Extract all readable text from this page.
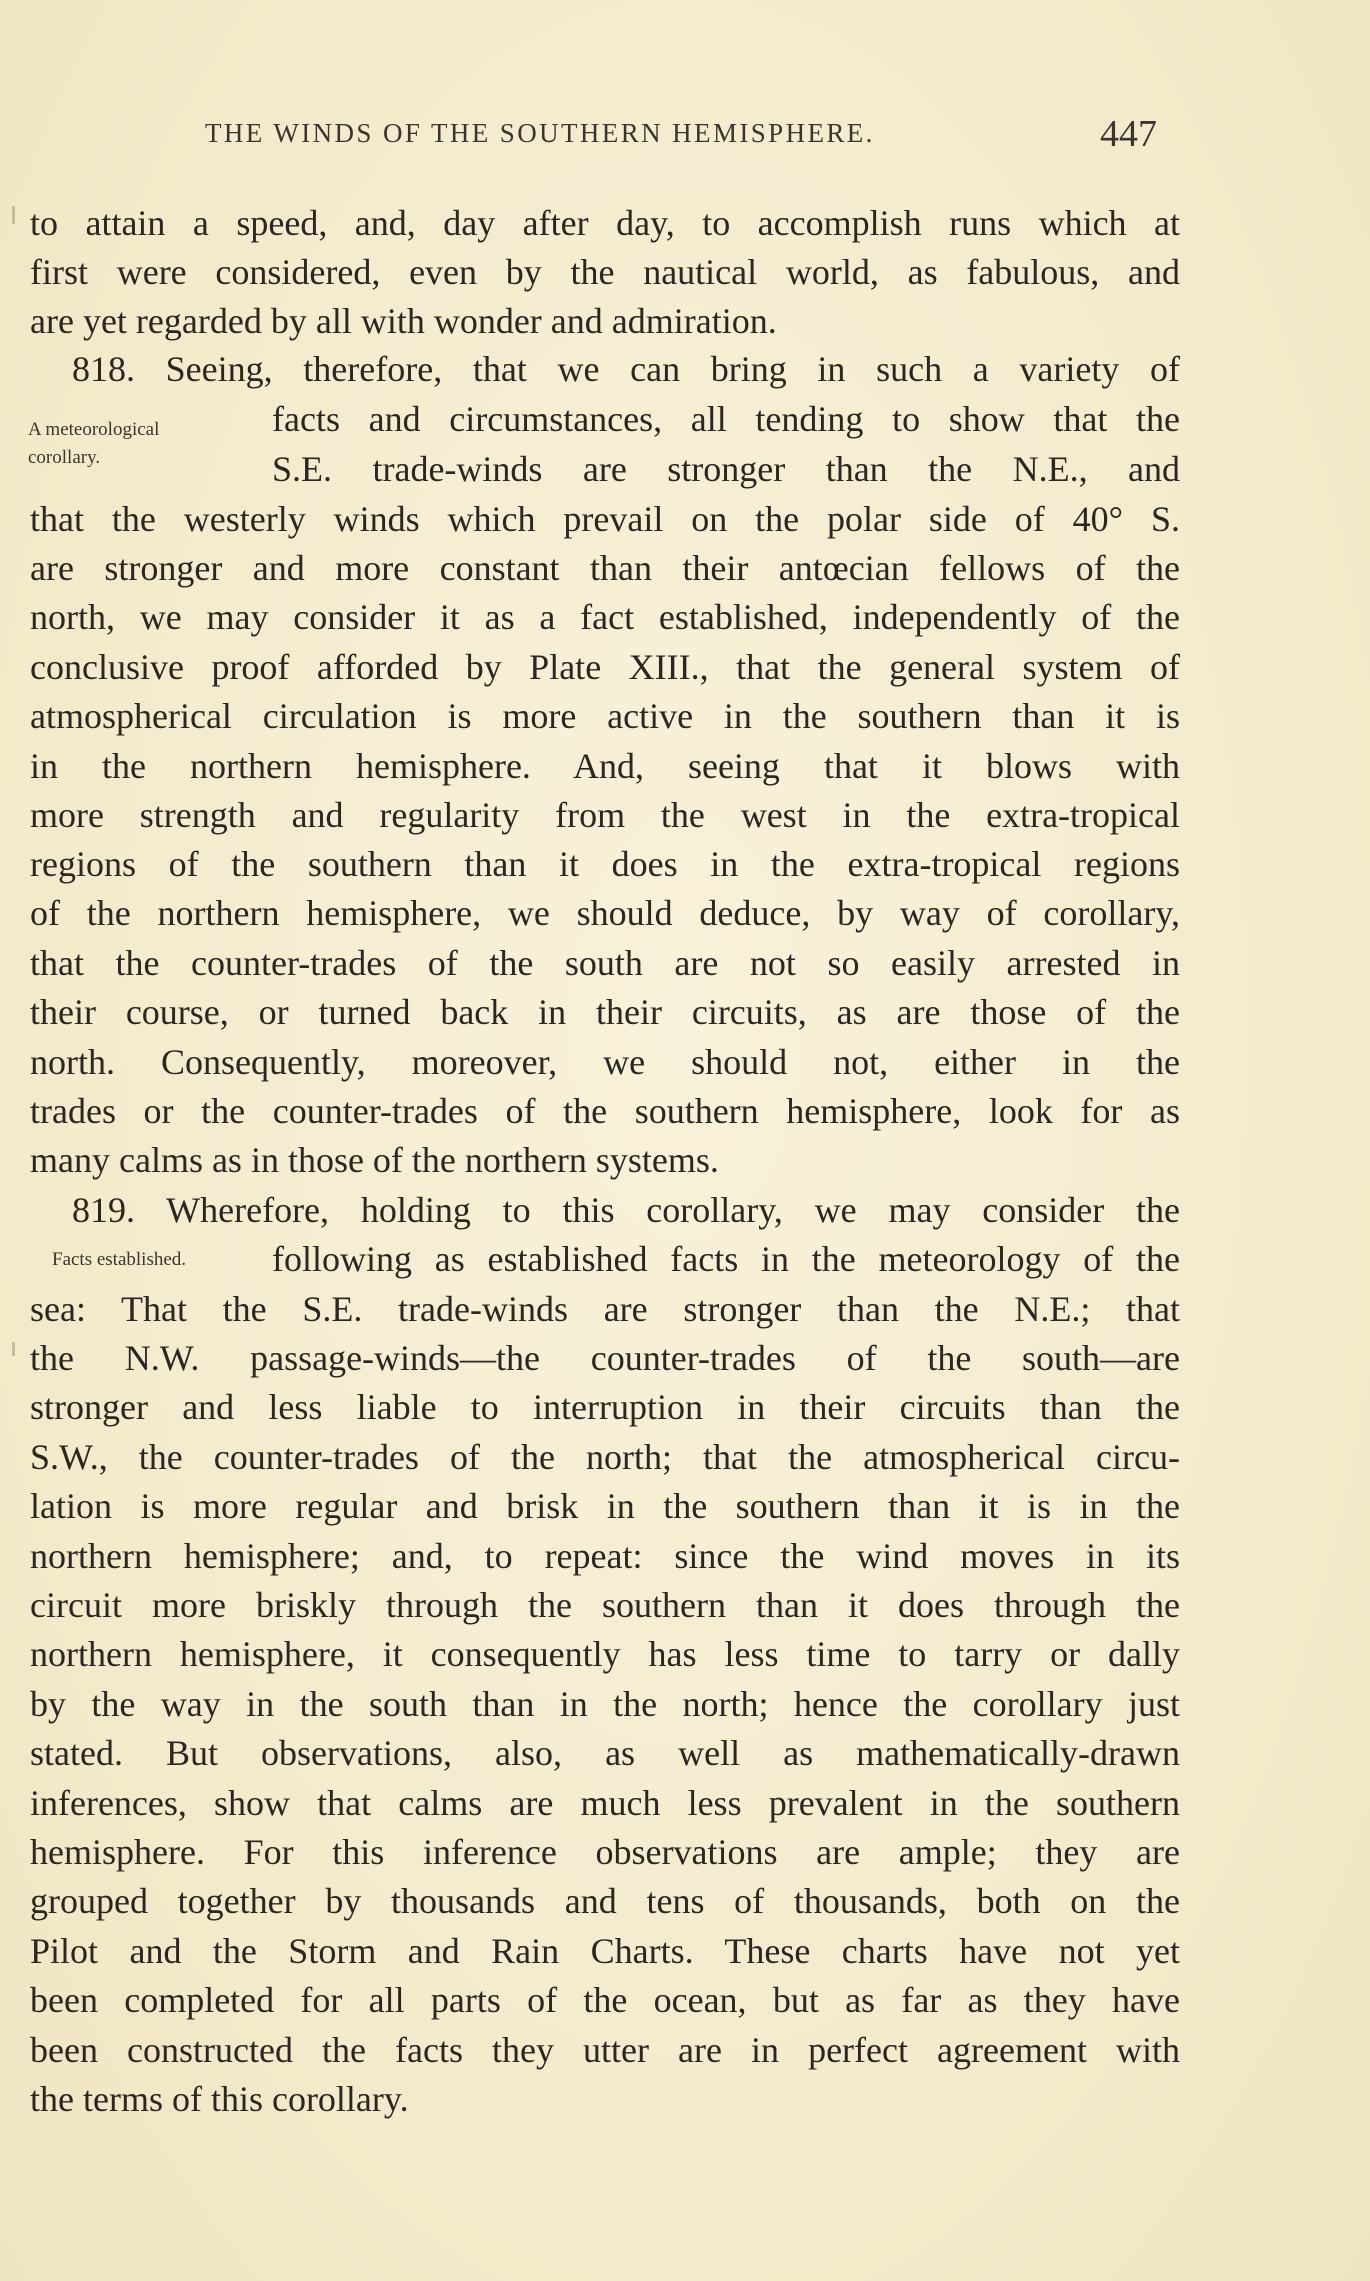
THE WINDS OF THE SOUTHERN HEMISPHERE.	447
A meteorological
corollary.
Facts established.
to attain a speed, and, day after day, to accomplish runs which at
first were considered, even by the nautical world, as fabulous, and
are yet regarded by all with wonder and admiration.
818. Seeing, therefore, that we can bring in such a variety of
facts and circumstances, all tending to show that the
S.E. trade-winds are stronger than the N.E., and
that the westerly winds which prevail on the polar side of 40° S.
are stronger and more constant than their antœcian fellows of the
north, we may consider it as a fact established, independently of the
conclusive proof afforded by Plate XIII., that the general system of
atmospherical circulation is more active in the southern than it is
in the northern hemisphere. And, seeing that it blows with
more strength and regularity from the west in the extra-tropical
regions of the southern than it does in the extra-tropical regions
of the northern hemisphere, we should deduce, by way of corollary,
that the counter-trades of the south are not so easily arrested in
their course, or turned back in their circuits, as are those of the
north. Consequently, moreover, we should not, either in the
trades or the counter-trades of the southern hemisphere, look for as
many calms as in those of the northern systems.
819. Wherefore, holding to this corollary, we may consider the
following as established facts in the meteorology of the
sea: That the S.E. trade-winds are stronger than the N.E.; that
the N.W. passage-winds—the counter-trades of the south—are
stronger and less liable to interruption in their circuits than the
S.W., the counter-trades of the north; that the atmospherical circu-
lation is more regular and brisk in the southern than it is in the
northern hemisphere; and, to repeat: since the wind moves in its
circuit more briskly through the southern than it does through the
northern hemisphere, it consequently has less time to tarry or dally
by the way in the south than in the north; hence the corollary just
stated. But observations, also, as well as mathematically-drawn
inferences, show that calms are much less prevalent in the southern
hemisphere. For this inference observations are ample; they are
grouped together by thousands and tens of thousands, both on the
Pilot and the Storm and Rain Charts. These charts have not yet
been completed for all parts of the ocean, but as far as they have
been constructed the facts they utter are in perfect agreement with
the terms of this corollary.
